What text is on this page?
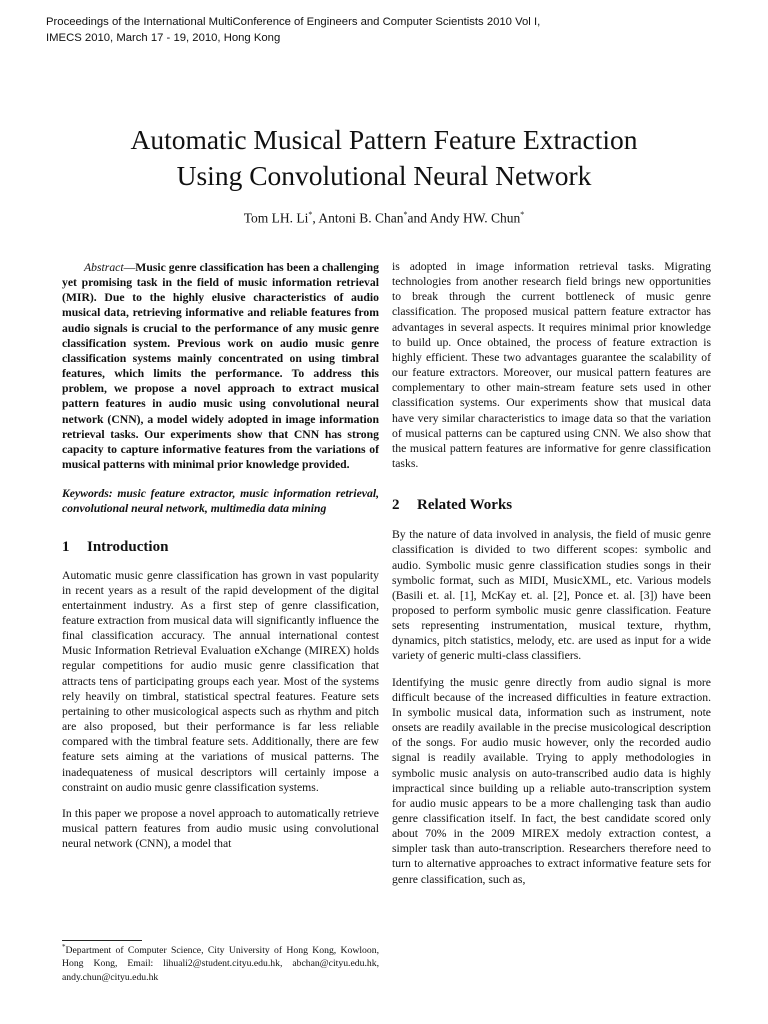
Proceedings of the International MultiConference of Engineers and Computer Scientists 2010 Vol I,
IMECS 2010, March 17 - 19, 2010, Hong Kong
Automatic Musical Pattern Feature Extraction
Using Convolutional Neural Network
Tom LH. Li*, Antoni B. Chan*and Andy HW. Chun*

Abstract—Music genre classification has been a challenging yet promising task in the field of music information retrieval (MIR). Due to the highly elusive characteristics of audio musical data, retrieving informative and reliable features from audio signals is crucial to the performance of any music genre classification system. Previous work on audio music genre classification systems mainly concentrated on using timbral features, which limits the performance. To address this problem, we propose a novel approach to extract musical pattern features in audio music using convolutional neural network (CNN), a model widely adopted in image information retrieval tasks. Our experiments show that CNN has strong capacity to capture informative features from the variations of musical patterns with minimal prior knowledge provided.

Keywords: music feature extractor, music information retrieval, convolutional neural network, multimedia data mining

1 Introduction

Automatic music genre classification has grown in vast popularity in recent years as a result of the rapid development of the digital entertainment industry. As a first step of genre classification, feature extraction from musical data will significantly influence the final classification accuracy. The annual international contest Music Information Retrieval Evaluation eXchange (MIREX) holds regular competitions for audio music genre classification that attracts tens of participating groups each year. Most of the systems rely heavily on timbral, statistical spectral features. Feature sets pertaining to other musicological aspects such as rhythm and pitch are also proposed, but their performance is far less reliable compared with the timbral feature sets. Additionally, there are few feature sets aiming at the variations of musical patterns. The inadequateness of musical descriptors will certainly impose a constraint on audio music genre classification systems.

In this paper we propose a novel approach to automatically retrieve musical pattern features from audio music using convolutional neural network (CNN), a model that

is adopted in image information retrieval tasks. Migrating technologies from another research field brings new opportunities to break through the current bottleneck of music genre classification. The proposed musical pattern feature extractor has advantages in several aspects. It requires minimal prior knowledge to build up. Once obtained, the process of feature extraction is highly efficient. These two advantages guarantee the scalability of our feature extractors. Moreover, our musical pattern features are complementary to other main-stream feature sets used in other classification systems. Our experiments show that musical data have very similar characteristics to image data so that the variation of musical patterns can be captured using CNN. We also show that the musical pattern features are informative for genre classification tasks.

2 Related Works

By the nature of data involved in analysis, the field of music genre classification is divided to two different scopes: symbolic and audio. Symbolic music genre classification studies songs in their symbolic format, such as MIDI, MusicXML, etc. Various models (Basili et. al. [1], McKay et. al. [2], Ponce et. al. [3]) have been proposed to perform symbolic music genre classification. Feature sets representing instrumentation, musical texture, rhythm, dynamics, pitch statistics, melody, etc. are used as input for a wide variety of generic multi-class classifiers.

Identifying the music genre directly from audio signal is more difficult because of the increased difficulties in feature extraction. In symbolic musical data, information such as instrument, note onsets are readily available in the precise musicological description of the songs. For audio music however, only the recorded audio signal is readily available. Trying to apply methodologies in symbolic music analysis on auto-transcribed audio data is highly impractical since building up a reliable auto-transcription system for audio music appears to be a more challenging task than audio genre classification itself. In fact, the best candidate scored only about 70% in the 2009 MIREX medoly extraction contest, a simpler task than auto-transcription. Researchers therefore need to turn to alternative approaches to extract informative feature sets for genre classification, such as,

*Department of Computer Science, City University of Hong Kong, Kowloon, Hong Kong, Email: lihuali2@student.cityu.edu.hk, abchan@cityu.edu.hk, andy.chun@cityu.edu.hk
